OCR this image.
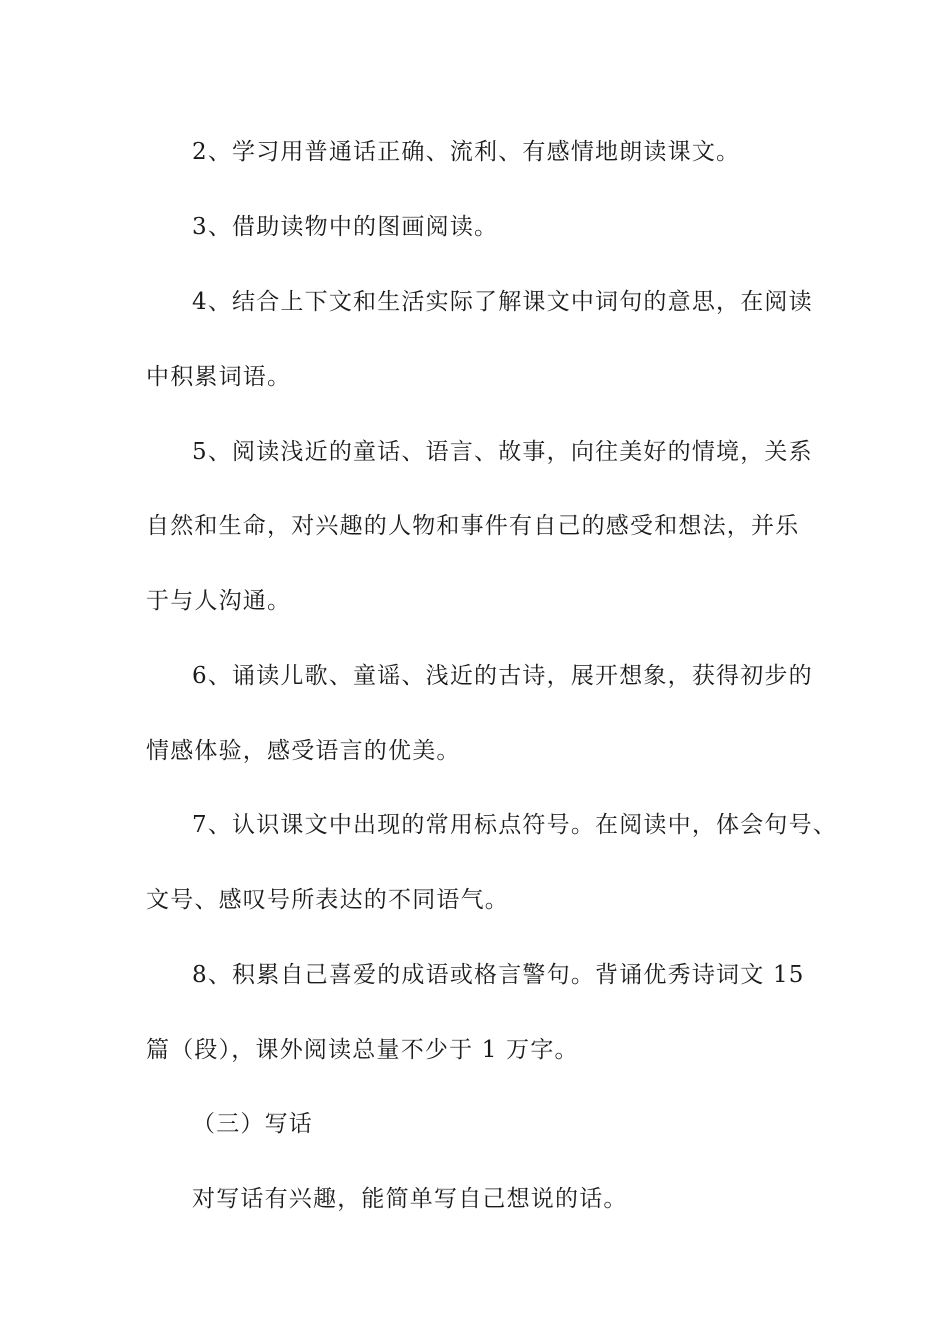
2、学习用普通话正确、流利、有感情地朗读课文。
3、借助读物中的图画阅读。
4、结合上下文和生活实际了解课文中词句的意思，在阅读
中积累词语。
5、阅读浅近的童话、语言、故事，向往美好的情境，关系
自然和生命，对兴趣的人物和事件有自己的感受和想法，并乐
于与人沟通。
6、诵读儿歌、童谣、浅近的古诗，展开想象，获得初步的
情感体验，感受语言的优美。
7、认识课文中出现的常用标点符号。在阅读中，体会句号、
文号、感叹号所表达的不同语气。
8、积累自己喜爱的成语或格言警句。背诵优秀诗词文 15
篇（段），课外阅读总量不少于 1 万字。
（三）写话
对写话有兴趣，能简单写自己想说的话。
